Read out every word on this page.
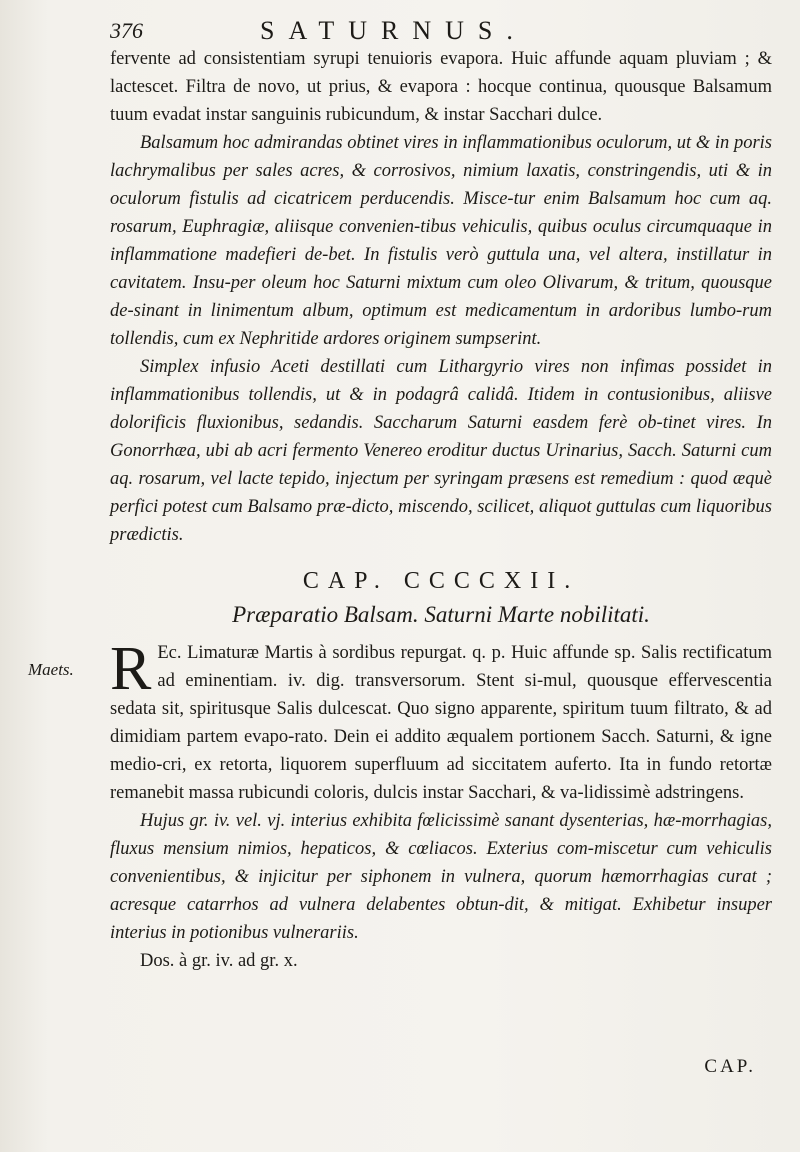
376	SATURNUS.

fervente ad consistentiam syrupi tenuioris evapora. Huic affunde aquam pluviam ; & lactescet. Filtra de novo, ut prius, & evapora : hocque continua, quousque Balsamum tuum evadat instar sanguinis rubicundum, & instar Sacchari dulce.

Balsamum hoc admirandas obtinet vires in inflammationibus oculorum, ut & in poris lachrymalibus per sales acres, & corrosivos, nimium laxatis, constringendis, uti & in oculorum fistulis ad cicatricem perducendis. Misce-tur enim Balsamum hoc cum aq. rosarum, Euphragiæ, aliisque convenien-tibus vehiculis, quibus oculus circumquaque in inflammatione madefieri de-bet. In fistulis verò guttula una, vel altera, instillatur in cavitatem. Insu-per oleum hoc Saturni mixtum cum oleo Olivarum, & tritum, quousque de-sinant in linimentum album, optimum est medicamentum in ardoribus lumbo-rum tollendis, cum ex Nephritide ardores originem sumpserint.

Simplex infusio Aceti destillati cum Lithargyrio vires non infimas possidet in inflammationibus tollendis, ut & in podagrâ calidâ. Itidem in contusionibus, aliisve dolorificis fluxionibus, sedandis. Saccharum Saturni easdem ferè ob-tinet vires. In Gonorrhæa, ubi ab acri fermento Venereo eroditur ductus Urinarius, Sacch. Saturni cum aq. rosarum, vel lacte tepido, injectum per syringam præsens est remedium : quod æquè perfici potest cum Balsamo præ-dicto, miscendo, scilicet, aliquot guttulas cum liquoribus prædictis.

CAP. CCCCXII.
Præparatio Balsam. Saturni Marte nobilitati.

R Ec. Limaturæ Martis à sordibus repurgat. q. p. Huic affunde sp. Salis rectificatum ad eminentiam. iv. dig. transversorum. Stent si-mul, quousque effervescentia sedata sit, spiritusque Salis dulcescat. Quo signo apparente, spiritum tuum filtrato, & ad dimidiam partem evapo-rato. Dein ei addito æqualem portionem Sacch. Saturni, & igne medio-cri, ex retorta, liquorem superfluum ad siccitatem auferto. Ita in fundo retortæ remanebit massa rubicundi coloris, dulcis instar Sacchari, & va-lidissimè adstringens.

Hujus gr. iv. vel. vj. interius exhibita fœlicissimè sanant dysenterias, hæ-morrhagias, fluxus mensium nimios, hepaticos, & cœliacos. Exterius com-miscetur cum vehiculis convenientibus, & injicitur per siphonem in vulnera, quorum hæmorrhagias curat ; acresque catarrhos ad vulnera delabentes obtun-dit, & mitigat. Exhibetur insuper interius in potionibus vulnerariis.

Dos. à gr. iv. ad gr. x.

Maets.
CAP.
